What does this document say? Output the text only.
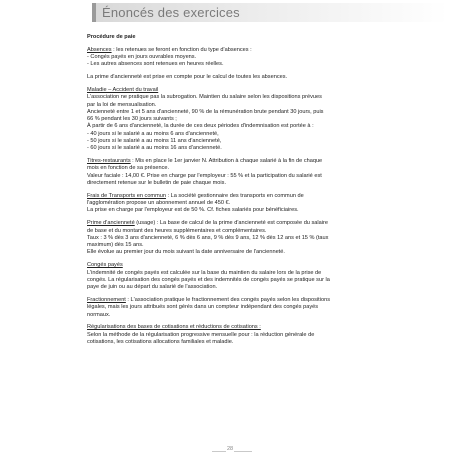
Énoncés des exercices

Procédure de paie

Absences : les retenues se feront en fonction du type d'absences :

- Congés payés en jours ouvrables moyens.

- Les autres absences sont retenues en heures réelles.

La prime d'ancienneté est prise en compte pour le calcul de toutes les absences.

Maladie – Accident du travail

L'association ne pratique pas la subrogation. Maintien du salaire selon les dispositions prévues

par la loi de mensualisation.

Ancienneté entre 1 et 5 ans d'ancienneté, 90 % de la rémunération brute pendant 30 jours, puis

66 % pendant les 30 jours suivants ;

À partir de 6 ans d'ancienneté, la durée de ces deux périodes d'indemnisation est portée à :

- 40 jours si le salarié a au moins 6 ans d'ancienneté,

- 50 jours si le salarié a au moins 11 ans d'ancienneté,

- 60 jours si le salarié a au moins 16 ans d'ancienneté.

Titres-restaurants : Mis en place le 1er janvier N. Attribution à chaque salarié à la fin de chaque

mois en fonction de sa présence.

Valeur faciale : 14,00 €. Prise en charge par l'employeur : 55 % et la participation du salarié est

directement retenue sur le bulletin de paie chaque mois.

Frais de Transports en commun : La société gestionnaire des transports en commun de

l'agglomération propose un abonnement annuel de 450 €.

La prise en charge par l'employeur est de 50 %. Cf. fiches salariés pour bénéficiaires.

Prime d'ancienneté (usage) : La base de calcul de la prime d'ancienneté est composée du salaire

de base et du montant des heures supplémentaires et complémentaires.

Taux : 3 % dès 3 ans d'ancienneté, 6 % dès 6 ans, 9 % dès 9 ans, 12 % dès 12 ans et 15 % (taux

maximum) dès 15 ans.

Elle évolue au premier jour du mois suivant la date anniversaire de l'ancienneté.

Congés payés

L'indemnité de congés payés est calculée sur la base du maintien du salaire lors de la prise de

congés. La régularisation des congés payés et des indemnités de congés payés se pratique sur la

paye de juin ou au départ du salarié de l'association.

Fractionnement : L'association pratique le fractionnement des congés payés selon les dispositions

légales, mais les jours attribués sont gérés dans un compteur indépendant des congés payés

normaux.

Régularisations des bases de cotisations et réductions de cotisations :

Selon la méthode de la régularisation progressive mensuelle pour : la réduction générale de

cotisations, les cotisations allocations familiales et maladie.

28
